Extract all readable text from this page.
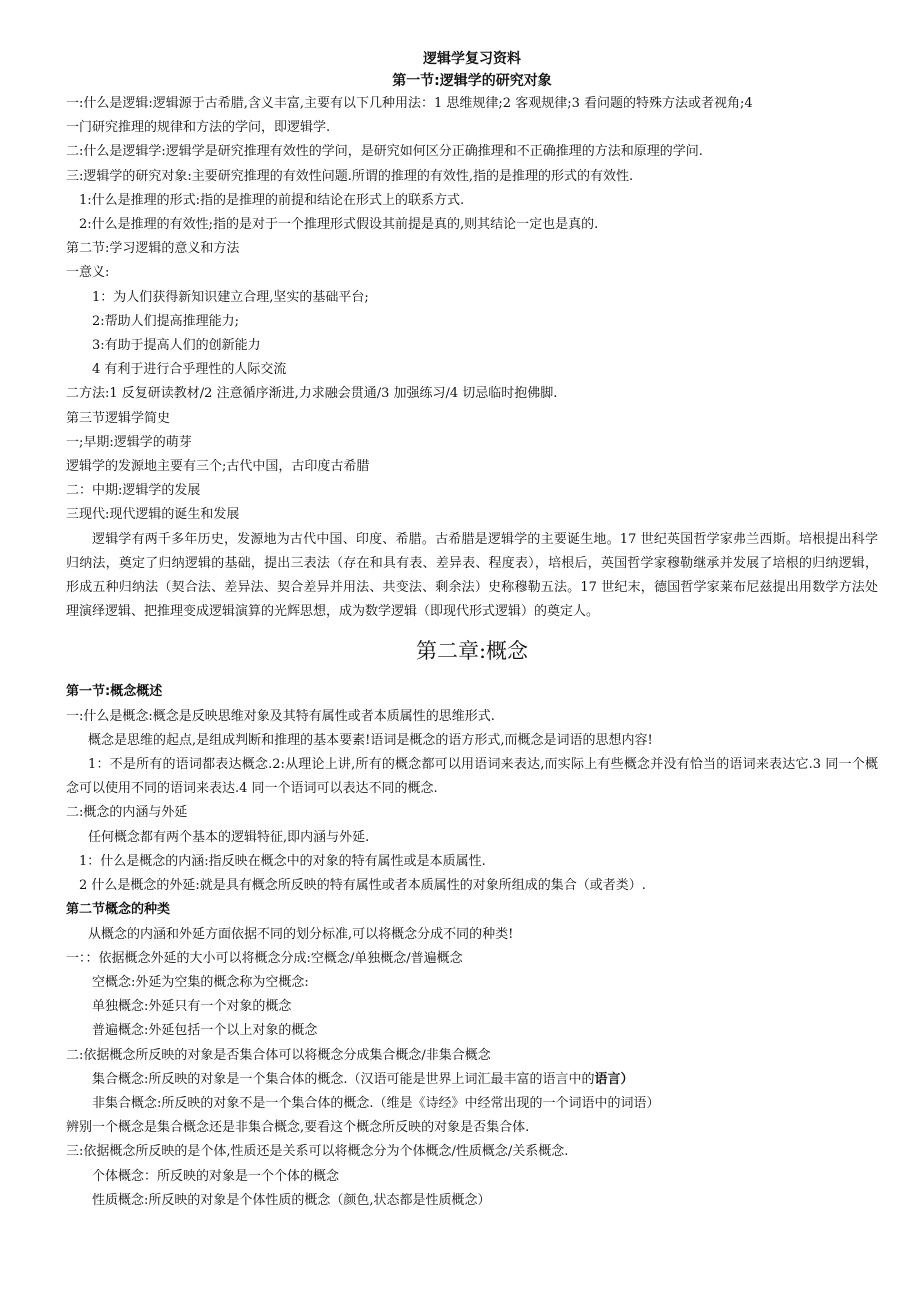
逻辑学复习资料
第一节:逻辑学的研究对象
一:什么是逻辑:逻辑源于古希腊,含义丰富,主要有以下几种用法：1 思维规律;2 客观规律;3 看问题的特殊方法或者视角;4
一门研究推理的规律和方法的学问，即逻辑学.
二:什么是逻辑学:逻辑学是研究推理有效性的学问，是研究如何区分正确推理和不正确推理的方法和原理的学问.
三:逻辑学的研究对象:主要研究推理的有效性问题.所谓的推理的有效性,指的是推理的形式的有效性.
1:什么是推理的形式:指的是推理的前提和结论在形式上的联系方式.
2:什么是推理的有效性;指的是对于一个推理形式假设其前提是真的,则其结论一定也是真的.
第二节:学习逻辑的意义和方法
一意义:
1：为人们获得新知识建立合理,坚实的基础平台;
2:帮助人们提高推理能力;
3:有助于提高人们的创新能力
4 有利于进行合乎理性的人际交流
二方法:1 反复研读教材/2 注意循序渐进,力求融会贯通/3 加强练习/4 切忌临时抱佛脚.
第三节逻辑学简史
一;早期:逻辑学的萌芽
逻辑学的发源地主要有三个;古代中国，古印度古希腊
二：中期:逻辑学的发展
三现代:现代逻辑的诞生和发展
逻辑学有两千多年历史，发源地为古代中国、印度、希腊。古希腊是逻辑学的主要诞生地。17 世纪英国哲学家弗兰西斯。培根提出科学归纳法，奠定了归纳逻辑的基础，提出三表法（存在和具有表、差异表、程度表），培根后，英国哲学家穆勒继承并发展了培根的归纳逻辑，形成五种归纳法（契合法、差异法、契合差异并用法、共变法、剩余法）史称穆勒五法。17 世纪末，德国哲学家莱布尼兹提出用数学方法处理演绎逻辑、把推理变成逻辑演算的光辉思想，成为数学逻辑（即现代形式逻辑）的奠定人。
第二章:概念
第一节:概念概述
一:什么是概念:概念是反映思维对象及其特有属性或者本质属性的思维形式.
概念是思维的起点,是组成判断和推理的基本要素!语词是概念的语方形式,而概念是词语的思想内容!
1：不是所有的语词都表达概念.2:从理论上讲,所有的概念都可以用语词来表达,而实际上有些概念并没有恰当的语词来表达它.3 同一个概念可以使用不同的语词来表达.4 同一个语词可以表达不同的概念.
二:概念的内涵与外延
任何概念都有两个基本的逻辑特征,即内涵与外延.
1：什么是概念的内涵:指反映在概念中的对象的特有属性或是本质属性.
2 什么是概念的外延:就是具有概念所反映的特有属性或者本质属性的对象所组成的集合（或者类）.
第二节概念的种类
从概念的内涵和外延方面依据不同的划分标准,可以将概念分成不同的种类!
一：：依据概念外延的大小可以将概念分成:空概念/单独概念/普遍概念
空概念:外延为空集的概念称为空概念:
单独概念:外延只有一个对象的概念
普遍概念:外延包括一个以上对象的概念
二:依据概念所反映的对象是否集合体可以将概念分成集合概念/非集合概念
集合概念:所反映的对象是一个集合体的概念.（汉语可能是世界上词汇最丰富的语言中的语言）
非集合概念:所反映的对象不是一个集合体的概念.（维是《诗经》中经常出现的一个词语中的词语）
辨别一个概念是集合概念还是非集合概念,要看这个概念所反映的对象是否集合体.
三:依据概念所反映的是个体,性质还是关系可以将概念分为个体概念/性质概念/关系概念.
个体概念：所反映的对象是一个个体的概念
性质概念:所反映的对象是个体性质的概念（颜色,状态都是性质概念）
